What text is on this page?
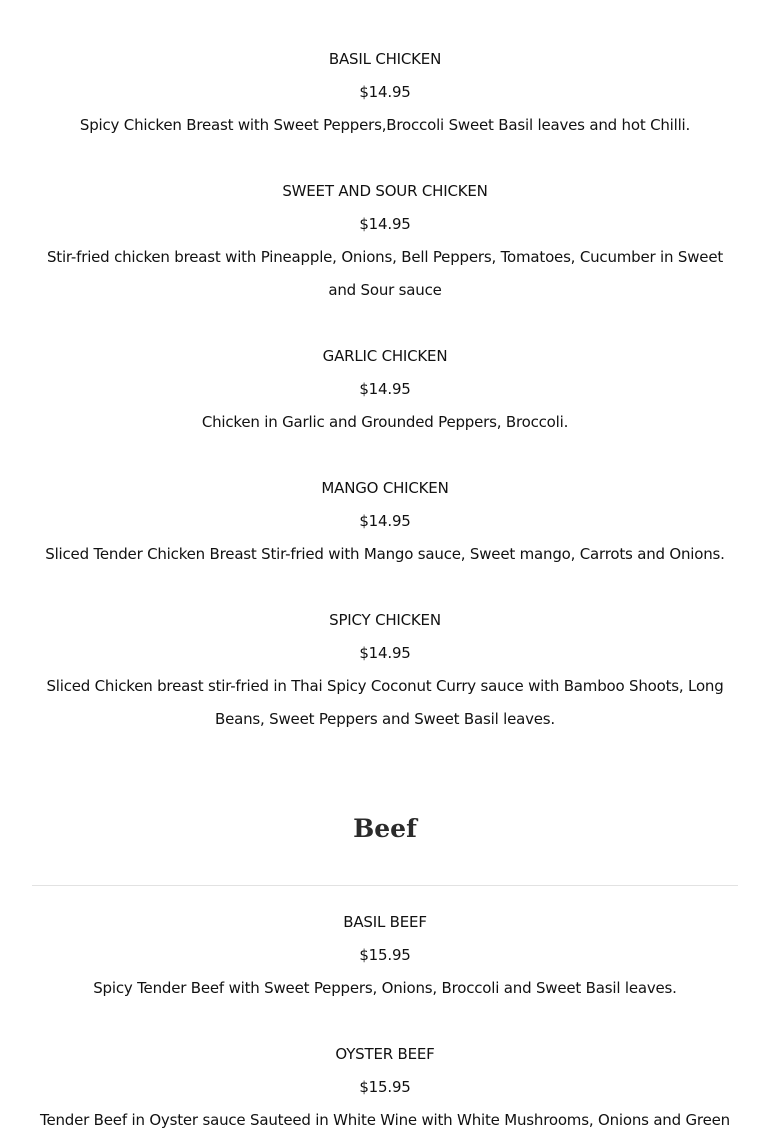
BASIL CHICKEN
$14.95
Spicy Chicken Breast with Sweet Peppers,Broccoli Sweet Basil leaves and hot Chilli.
SWEET AND SOUR CHICKEN
$14.95
Stir-fried chicken breast with Pineapple, Onions, Bell Peppers, Tomatoes, Cucumber in Sweet and Sour sauce
GARLIC CHICKEN
$14.95
Chicken in Garlic and Grounded Peppers, Broccoli.
MANGO CHICKEN
$14.95
Sliced Tender Chicken Breast Stir-fried with Mango sauce, Sweet mango, Carrots and Onions.
SPICY CHICKEN
$14.95
Sliced Chicken breast stir-fried in Thai Spicy Coconut Curry sauce with Bamboo Shoots, Long Beans, Sweet Peppers and Sweet Basil leaves.
Beef
BASIL BEEF
$15.95
Spicy Tender Beef with Sweet Peppers, Onions, Broccoli and Sweet Basil leaves.
OYSTER BEEF
$15.95
Tender Beef in Oyster sauce Sauteed in White Wine with White Mushrooms, Onions and Green
